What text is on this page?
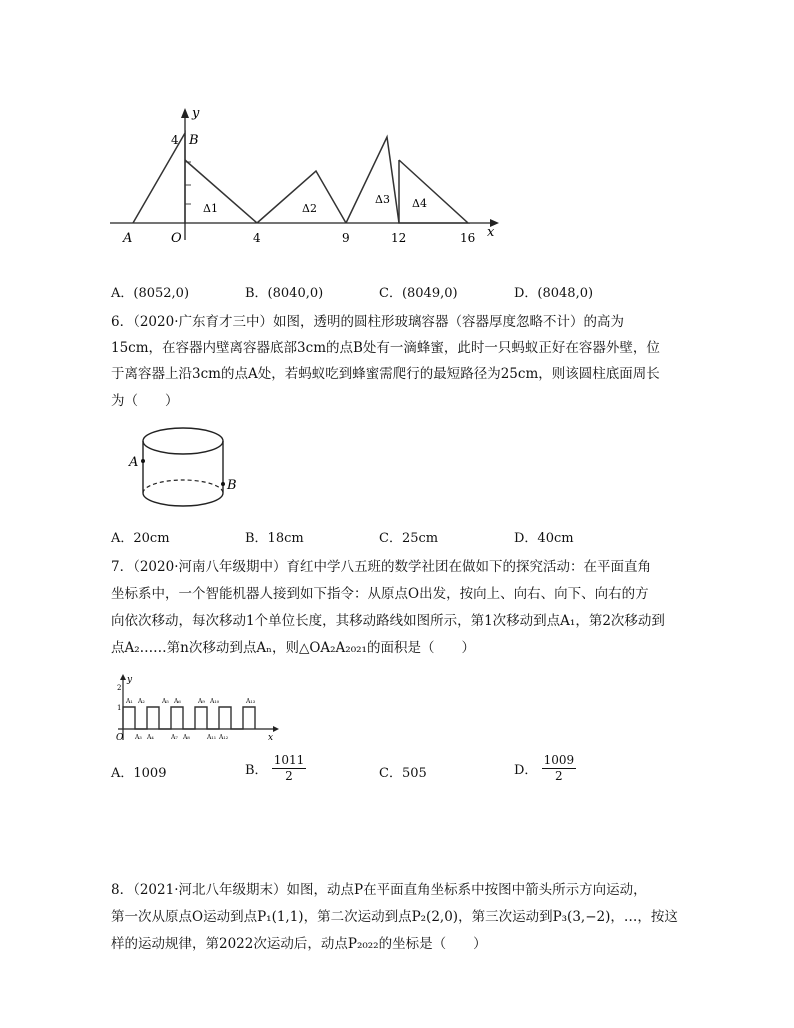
y
x
4 B
A	O
Δ1	Δ2
Δ3 Δ4
4	9	12	16
A．(8052,0)	B．(8040,0)	C．(8049,0)	D．(8048,0)
6．（2020·广东育才三中）如图，透明的圆柱形玻璃容器（容器厚度忽略不计）的高为
15cm，在容器内壁离容器底部3cm的点B处有一滴蜂蜜，此时一只蚂蚁正好在容器外壁，位
于离容器上沿3cm的点A处，若蚂蚁吃到蜂蜜需爬行的最短路径为25cm，则该圆柱底面周长
为（　　）
A
B
A．20cm	B．18cm	C．25cm	D．40cm
7．（2020·河南八年级期中）育红中学八五班的数学社团在做如下的探究活动：在平面直角
坐标系中，一个智能机器人接到如下指令：从原点O出发，按向上、向右、向下、向右的方
向依次移动，每次移动1个单位长度，其移动路线如图所示，第1次移动到点A₁，第2次移动到
点A₂……第n次移动到点Aₙ，则△OA₂A₂₀₂₁的面积是（　　）
y
x
O
1
2
A₁ A₂	A₅ A₆	A₉ A₁₀	A₁₃
A₃ A₄	A₇ A₈	A₁₁ A₁₂
A．1009	B． $\frac{1011}{2}$	C．505	D． $\frac{1009}{2}$
8．（2021·河北八年级期末）如图，动点P在平面直角坐标系中按图中箭头所示方向运动，
第一次从原点O运动到点P₁(1,1)，第二次运动到点P₂(2,0)，第三次运动到P₃(3,−2)，…，按这
样的运动规律，第2022次运动后，动点P₂₀₂₂的坐标是（　　）
